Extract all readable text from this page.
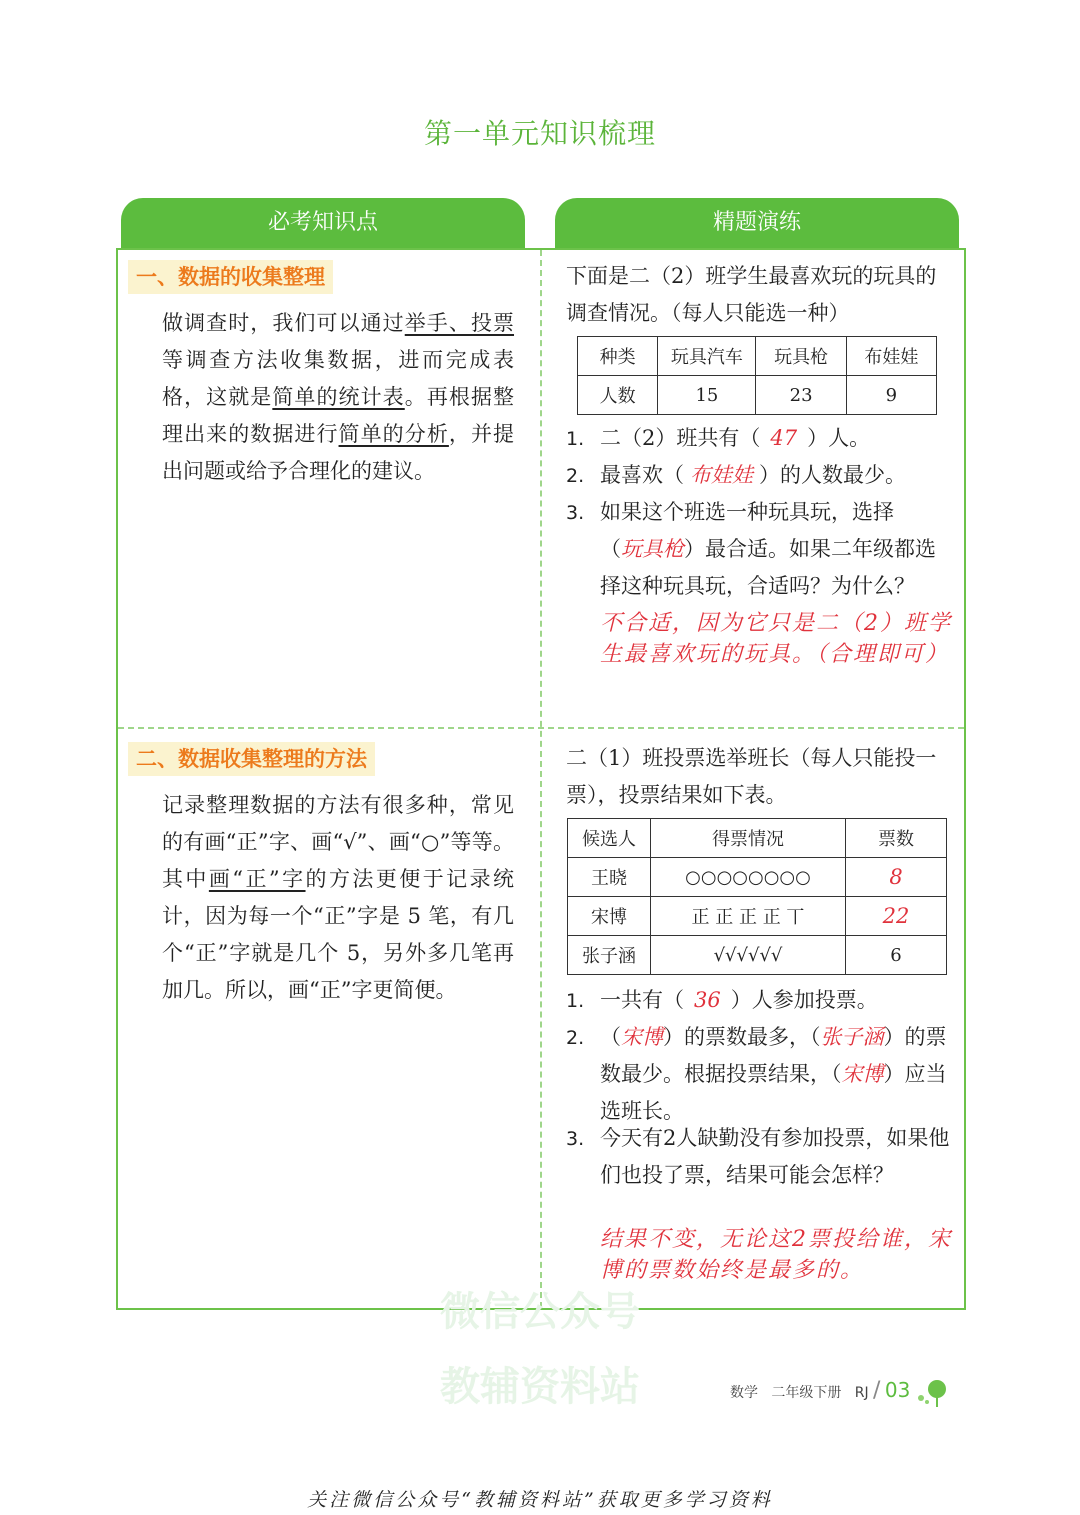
第一单元知识梳理
必考知识点	精题演练
微信公众号
教辅资料站
一、数据的收集整理
做调查时，我们可以通过举手、投票等调查方法收集数据，进而完成表格，这就是简单的统计表。再根据整理出来的数据进行简单的分析，并提出问题或给予合理化的建议。
下面是二（2）班学生最喜欢玩的玩具的调查情况。（每人只能选一种）
种类	玩具汽车	玩具枪	布娃娃
人数	15	23	9
1. 二（2）班共有（ 47 ）人。
2. 最喜欢（ 布娃娃 ）的人数最少。
3. 如果这个班选一种玩具玩，选择
（玩具枪）最合适。如果二年级都选择这种玩具玩，合适吗？为什么？
不合适，因为它只是二（2）班学生最喜欢玩的玩具。（合理即可）
二、数据收集整理的方法
记录整理数据的方法有很多种，常见的有画“正”字、画“√”、画“○”等等。其中画“正”字的方法更便于记录统计，因为每一个“正”字是 5 笔，有几个“正”字就是几个 5，另外多几笔再加几。所以，画“正”字更简便。
二（1）班投票选举班长（每人只能投一票），投票结果如下表。
候选人	得票情况	票数
王晓	○○○○○○○○	8
宋博	正 正 正 正 丅	22
张子涵	√√√√√√	6
1. 一共有（ 36 ）人参加投票。
2. （宋博）的票数最多，（张子涵）的票数最少。根据投票结果，（宋博）应当选班长。
3. 今天有2人缺勤没有参加投票，如果他们也投了票，结果可能会怎样？
结果不变，无论这2票投给谁，宋博的票数始终是最多的。
数学 二年级下册 RJ / 03
关注微信公众号“教辅资料站”获取更多学习资料
